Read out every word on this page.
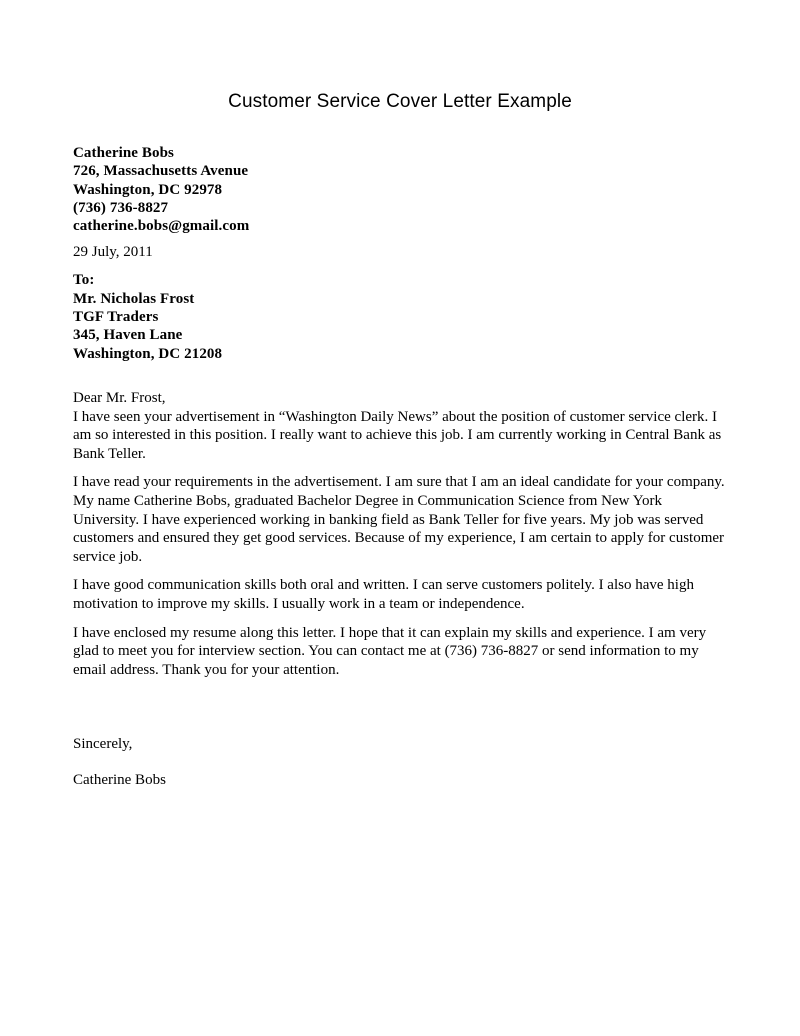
Customer Service Cover Letter Example
Catherine Bobs
726, Massachusetts Avenue
Washington, DC 92978
(736) 736-8827
catherine.bobs@gmail.com
29 July, 2011
To:
Mr. Nicholas Frost
TGF Traders
345, Haven Lane
Washington, DC 21208
Dear Mr. Frost,

I have seen your advertisement in “Washington Daily News” about the position of customer service clerk. I am so interested in this position. I really want to achieve this job. I am currently working in Central Bank as Bank Teller.

I have read your requirements in the advertisement. I am sure that I am an ideal candidate for your company. My name Catherine Bobs, graduated Bachelor Degree in Communication Science from New York University. I have experienced working in banking field as Bank Teller for five years. My job was served customers and ensured they get good services. Because of my experience, I am certain to apply for customer service job.

I have good communication skills both oral and written. I can serve customers politely. I also have high motivation to improve my skills. I usually work in a team or independence.

I have enclosed my resume along this letter. I hope that it can explain my skills and experience. I am very glad to meet you for interview section. You can contact me at (736) 736-8827 or send information to my email address. Thank you for your attention.

Sincerely,
Catherine Bobs
